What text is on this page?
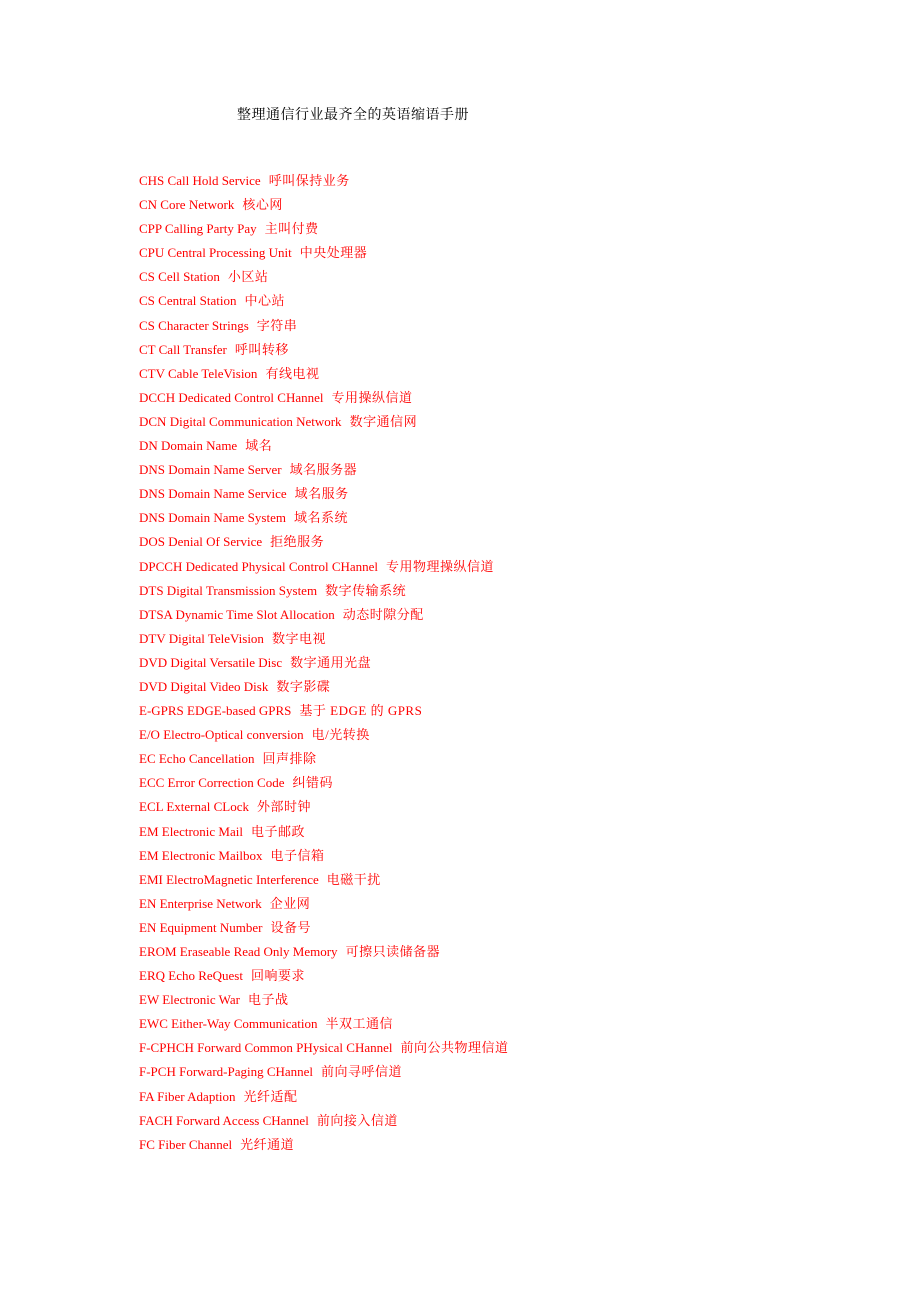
整理通信行业最齐全的英语缩语手册
CHS Call Hold Service 呼叫保持业务
CN Core Network 核心网
CPP Calling Party Pay 主叫付费
CPU Central Processing Unit 中央处理器
CS Cell Station 小区站
CS Central Station 中心站
CS Character Strings 字符串
CT Call Transfer 呼叫转移
CTV Cable TeleVision 有线电视
DCCH Dedicated Control CHannel 专用操纵信道
DCN Digital Communication Network 数字通信网
DN Domain Name 域名
DNS Domain Name Server 域名服务器
DNS Domain Name Service 域名服务
DNS Domain Name System 域名系统
DOS Denial Of Service 拒绝服务
DPCCH Dedicated Physical Control CHannel 专用物理操纵信道
DTS Digital Transmission System 数字传输系统
DTSA Dynamic Time Slot Allocation 动态时隙分配
DTV Digital TeleVision 数字电视
DVD Digital Versatile Disc 数字通用光盘
DVD Digital Video Disk 数字影碟
E-GPRS EDGE-based GPRS 基于 EDGE 的 GPRS
E/O Electro-Optical conversion 电/光转换
EC Echo Cancellation 回声排除
ECC Error Correction Code 纠错码
ECL External CLock 外部时钟
EM Electronic Mail 电子邮政
EM Electronic Mailbox 电子信箱
EMI ElectroMagnetic Interference 电磁干扰
EN Enterprise Network 企业网
EN Equipment Number 设备号
EROM Eraseable Read Only Memory 可擦只读储备器
ERQ Echo ReQuest 回响要求
EW Electronic War 电子战
EWC Either-Way Communication 半双工通信
F-CPHCH Forward Common PHysical CHannel 前向公共物理信道
F-PCH Forward-Paging CHannel 前向寻呼信道
FA Fiber Adaption 光纤适配
FACH Forward Access CHannel 前向接入信道
FC Fiber Channel 光纤通道
